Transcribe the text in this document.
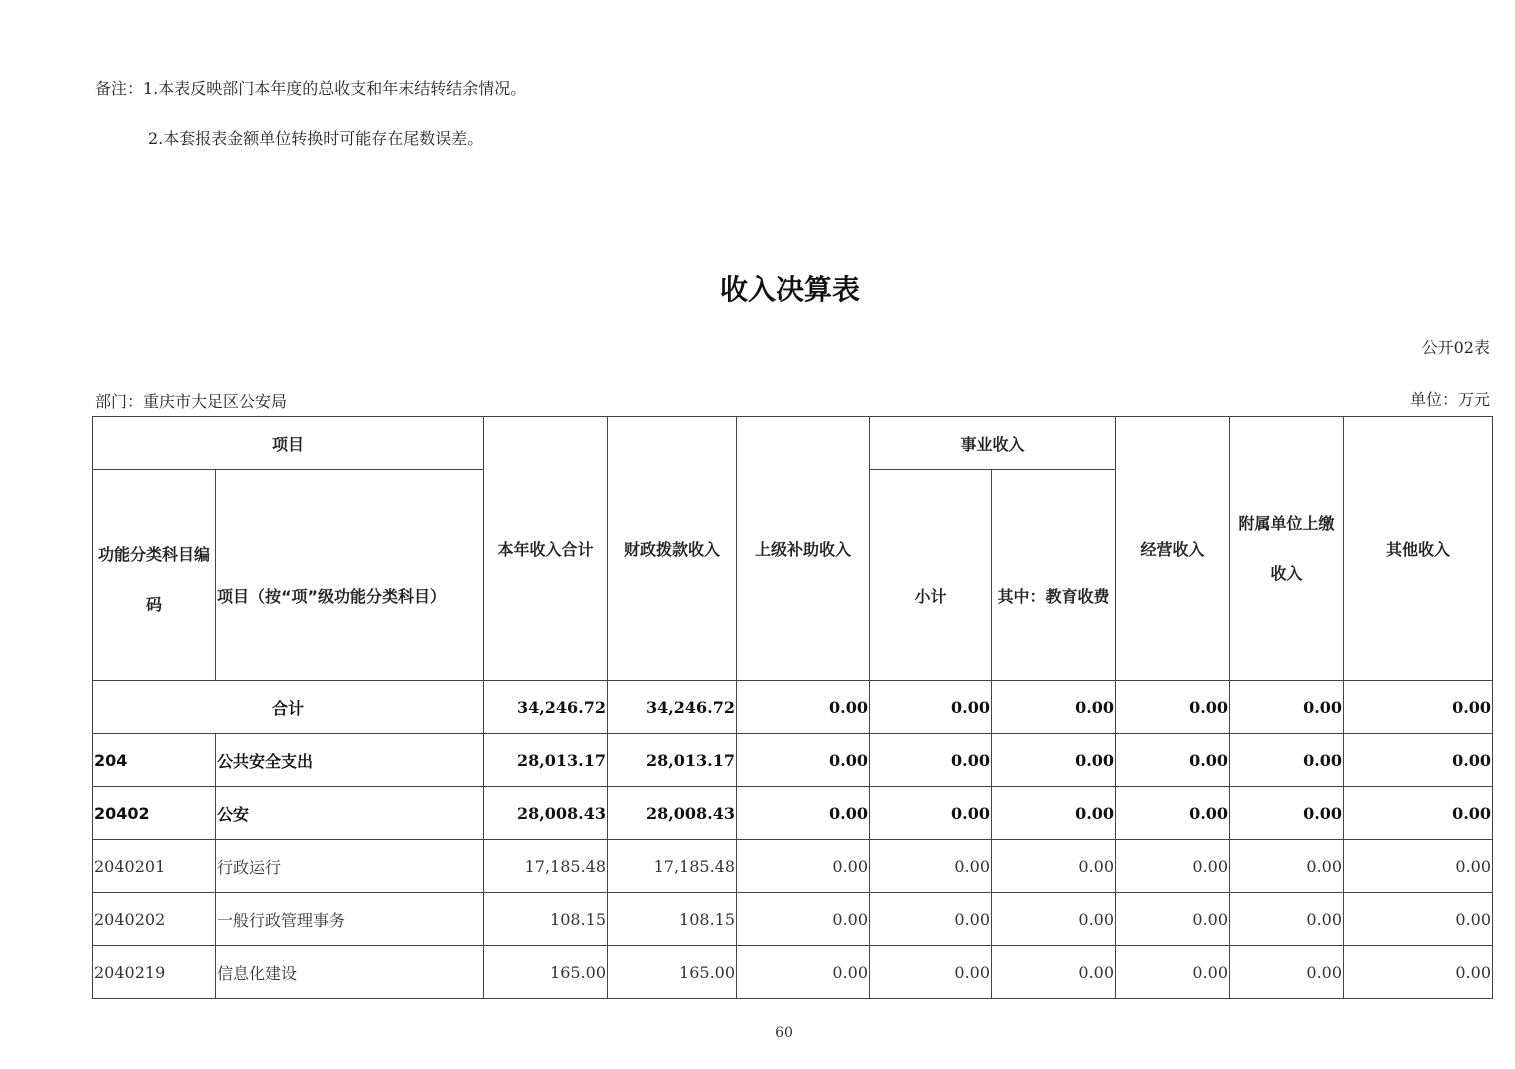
备注：1.本表反映部门本年度的总收支和年末结转结余情况。
2.本套报表金额单位转换时可能存在尾数误差。
收入决算表
公开02表
部门：重庆市大足区公安局	单位：万元
项目		本年收入合计	财政拨款收入	上级补助收入	事业收入		经营收入	附属单位上缴收入	其他收入
功能分类科目编码	项目（按“项”级功能分类科目）				小计	其中：教育收费			
合计		34,246.72	34,246.72	0.00	0.00	0.00	0.00	0.00	0.00
204	公共安全支出	28,013.17	28,013.17	0.00	0.00	0.00	0.00	0.00	0.00
20402	公安	28,008.43	28,008.43	0.00	0.00	0.00	0.00	0.00	0.00
2040201	行政运行	17,185.48	17,185.48	0.00	0.00	0.00	0.00	0.00	0.00
2040202	一般行政管理事务	108.15	108.15	0.00	0.00	0.00	0.00	0.00	0.00
2040219	信息化建设	165.00	165.00	0.00	0.00	0.00	0.00	0.00	0.00
60
